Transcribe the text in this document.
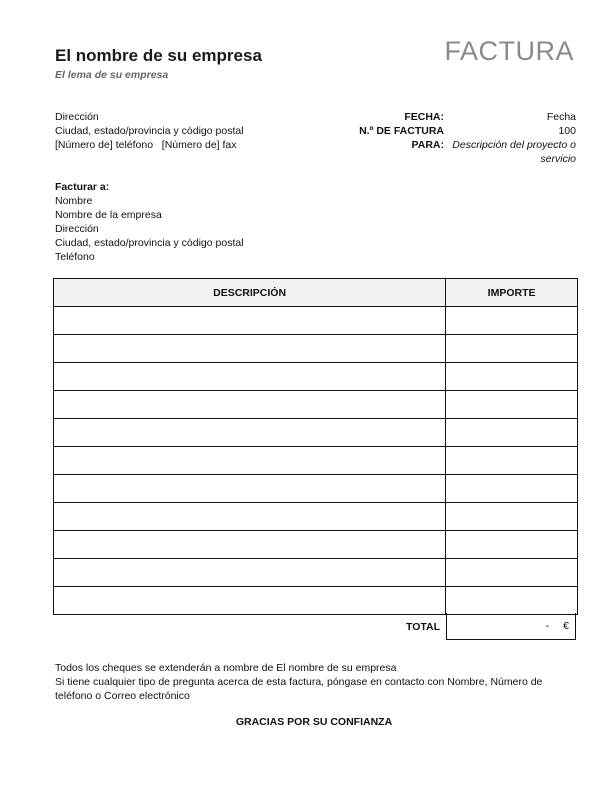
El nombre de su empresa
El lema de su empresa
FACTURA
Dirección
Ciudad, estado/provincia y código postal
[Número de] teléfono   [Número de] fax
FECHA:	Fecha
N.º DE FACTURA	100
PARA: Descripción del proyecto o
servicio
Facturar a:
Nombre
Nombre de la empresa
Dirección
Ciudad, estado/provincia y código postal
Teléfono
DESCRIPCIÓN	IMPORTE

TOTAL	- €
Todos los cheques se extenderán a nombre de El nombre de su empresa
Si tiene cualquier tipo de pregunta acerca de esta factura, póngase en contacto con Nombre, Número de
teléfono o Correo electrónico
GRACIAS POR SU CONFIANZA
